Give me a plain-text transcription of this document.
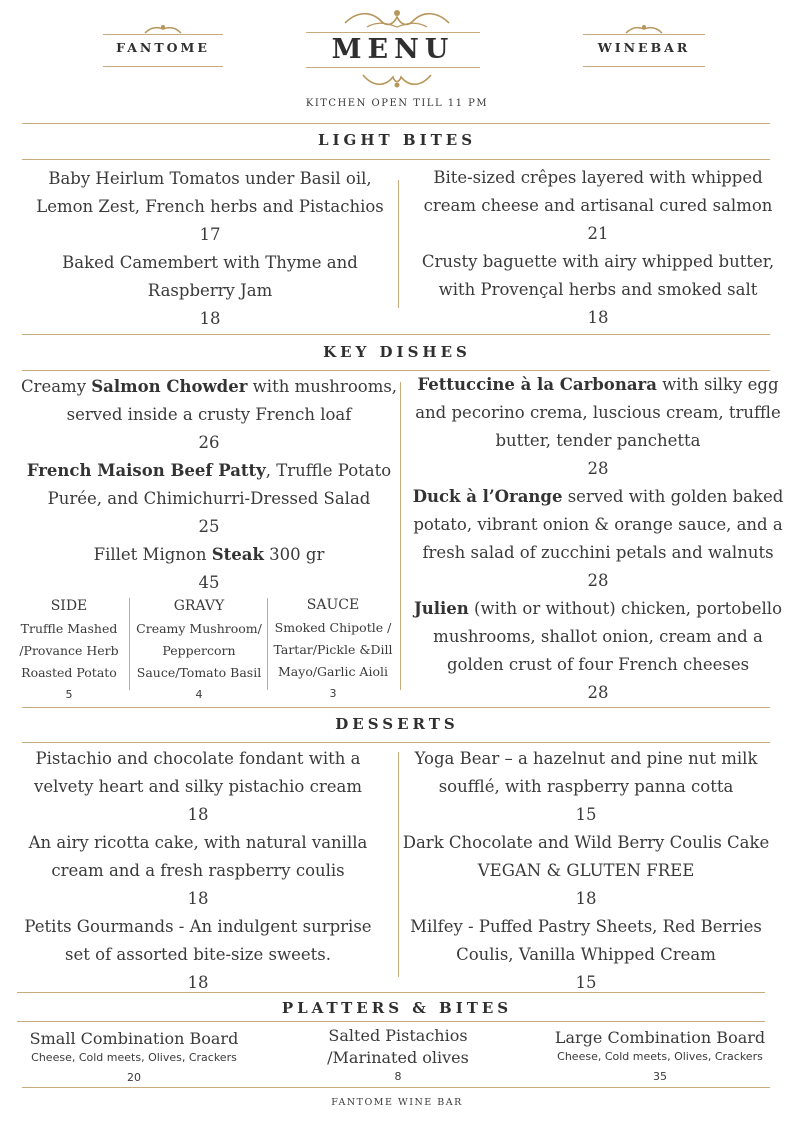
FANTOME	MENU	WINEBAR
KITCHEN OPEN TILL 11 PM
LIGHT BITES

Baby Heirlum Tomatos under Basil oil,

Lemon Zest, French herbs and Pistachios

17

Baked Camembert with Thyme and

Raspberry Jam

18

Bite-sized crêpes layered with whipped

cream cheese and artisanal cured salmon

21

Crusty baguette with airy whipped butter,

with Provençal herbs and smoked salt

18

KEY DISHES

Creamy Salmon Chowder with mushrooms,

served inside a crusty French loaf

26

French Maison Beef Patty, Truffle Potato

Purée, and Chimichurri-Dressed Salad

25

Fillet Mignon Steak 300 gr

45

SIDE

Truffle Mashed

/Provance Herb

Roasted Potato

5

GRAVY

Creamy Mushroom/

Peppercorn

Sauce/Tomato Basil

4

SAUCE

Smoked Chipotle /

Tartar/Pickle &Dill

Mayo/Garlic Aioli

3

Fettuccine à la Carbonara with silky egg

and pecorino crema, luscious cream, truffle

butter, tender panchetta

28

Duck à l’Orange served with golden baked

potato, vibrant onion & orange sauce, and a

fresh salad of zucchini petals and walnuts

28

Julien (with or without) chicken, portobello

mushrooms, shallot onion, cream and a

golden crust of four French cheeses

28

DESSERTS

Pistachio and chocolate fondant with a

velvety heart and silky pistachio cream

18

An airy ricotta cake, with natural vanilla

cream and a fresh raspberry coulis

18

Petits Gourmands - An indulgent surprise

set of assorted bite-size sweets.

18

Yoga Bear – a hazelnut and pine nut milk

soufflé, with raspberry panna cotta

15

Dark Chocolate and Wild Berry Coulis Cake

VEGAN & GLUTEN FREE

18

Milfey - Puffed Pastry Sheets, Red Berries

Coulis, Vanilla Whipped Cream

15

PLATTERS & BITES
Small Combination Board
Cheese, Cold meets, Olives, Crackers
20
Salted Pistachios
/Marinated olives
8
Large Combination Board
Cheese, Cold meets, Olives, Crackers
35
FANTOME WINE BAR
